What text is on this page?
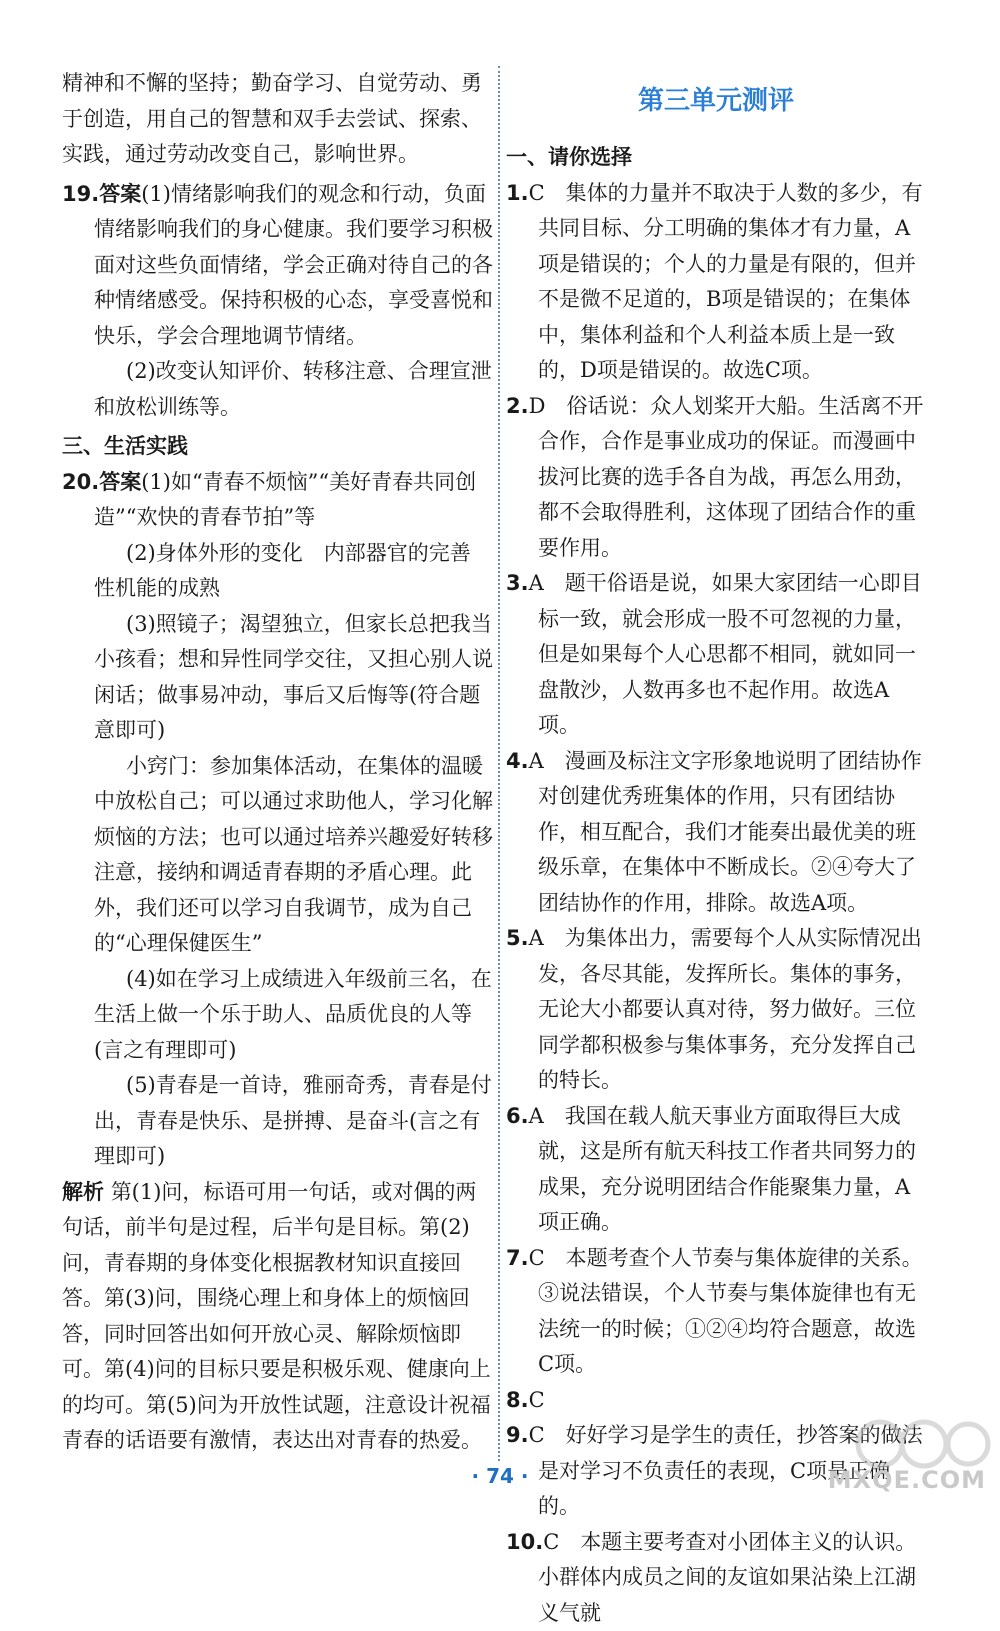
精神和不懈的坚持；勤奋学习、自觉劳动、勇于创造，用自己的智慧和双手去尝试、探索、实践，通过劳动改变自己，影响世界。

19.答案(1)情绪影响我们的观念和行动，负面情绪影响我们的身心健康。我们要学习积极面对这些负面情绪，学会正确对待自己的各种情绪感受。保持积极的心态，享受喜悦和快乐，学会合理地调节情绪。

(2)改变认知评价、转移注意、合理宣泄和放松训练等。

三、生活实践

20.答案(1)如“青春不烦恼”“美好青春共同创造”“欢快的青春节拍”等

(2)身体外形的变化　内部器官的完善　性机能的成熟

(3)照镜子；渴望独立，但家长总把我当小孩看；想和异性同学交往，又担心别人说闲话；做事易冲动，事后又后悔等(符合题意即可)

小窍门：参加集体活动，在集体的温暖中放松自己；可以通过求助他人，学习化解烦恼的方法；也可以通过培养兴趣爱好转移注意，接纳和调适青春期的矛盾心理。此外，我们还可以学习自我调节，成为自己的“心理保健医生”

(4)如在学习上成绩进入年级前三名，在生活上做一个乐于助人、品质优良的人等(言之有理即可)

(5)青春是一首诗，雅丽奇秀，青春是付出，青春是快乐、是拼搏、是奋斗(言之有理即可)

解析 第(1)问，标语可用一句话，或对偶的两句话，前半句是过程，后半句是目标。第(2)问，青春期的身体变化根据教材知识直接回答。第(3)问，围绕心理上和身体上的烦恼回答，同时回答出如何开放心灵、解除烦恼即可。第(4)问的目标只要是积极乐观、健康向上的均可。第(5)问为开放性试题，注意设计祝福青春的话语要有激情，表达出对青春的热爱。

第三单元测评

一、请你选择

1.C　 集体的力量并不取决于人数的多少，有共同目标、分工明确的集体才有力量，A项是错误的；个人的力量是有限的，但并不是微不足道的，B项是错误的；在集体中，集体利益和个人利益本质上是一致的，D项是错误的。故选C项。

2.D　 俗话说：众人划桨开大船。生活离不开合作，合作是事业成功的保证。而漫画中拔河比赛的选手各自为战，再怎么用劲，都不会取得胜利，这体现了团结合作的重要作用。

3.A　 题干俗语是说，如果大家团结一心即目标一致，就会形成一股不可忽视的力量，但是如果每个人心思都不相同，就如同一盘散沙，人数再多也不起作用。故选A项。

4.A　 漫画及标注文字形象地说明了团结协作对创建优秀班集体的作用，只有团结协作，相互配合，我们才能奏出最优美的班级乐章，在集体中不断成长。②④夸大了团结协作的作用，排除。故选A项。

5.A　 为集体出力，需要每个人从实际情况出发，各尽其能，发挥所长。集体的事务，无论大小都要认真对待，努力做好。三位同学都积极参与集体事务，充分发挥自己的特长。

6.A　 我国在载人航天事业方面取得巨大成就，这是所有航天科技工作者共同努力的成果，充分说明团结合作能聚集力量，A项正确。

7.C　 本题考查个人节奏与集体旋律的关系。③说法错误，个人节奏与集体旋律也有无法统一的时候；①②④均符合题意，故选C项。

8.C

9.C　 好好学习是学生的责任，抄答案的做法是对学习不负责任的表现，C项是正确的。

10.C　 本题主要考查对小团体主义的认识。小群体内成员之间的友谊如果沾染上江湖义气就

· 74 ·	MXQE.COM
